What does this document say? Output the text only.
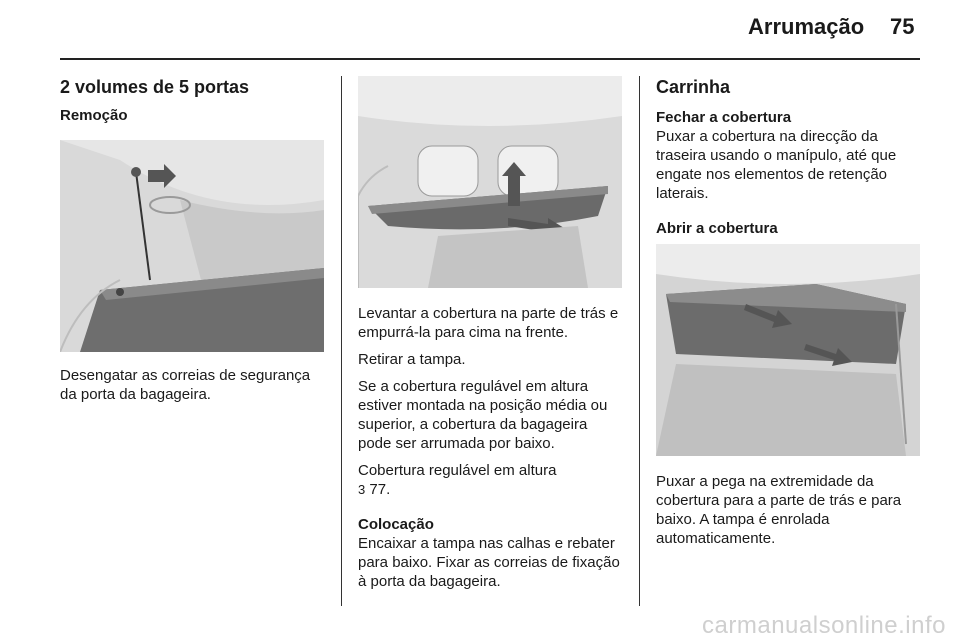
Arrumação 75
2 volumes de 5 portas
Remoção

Desengatar as correias de segurança da porta da bagageira.

Levantar a cobertura na parte de trás e empurrá-la para cima na frente.

Retirar a tampa.

Se a cobertura regulável em altura estiver montada na posição média ou superior, a cobertura da bagageira pode ser arrumada por baixo.

Cobertura regulável em altura
3 77.

Colocação

Encaixar a tampa nas calhas e rebater para baixo. Fixar as correias de fixação à porta da bagageira.

Carrinha
Fechar a cobertura

Puxar a cobertura na direcção da traseira usando o manípulo, até que engate nos elementos de retenção laterais.

Abrir a cobertura

Puxar a pega na extremidade da cobertura para a parte de trás e para baixo. A tampa é enrolada automaticamente.

carmanualsonline.info
